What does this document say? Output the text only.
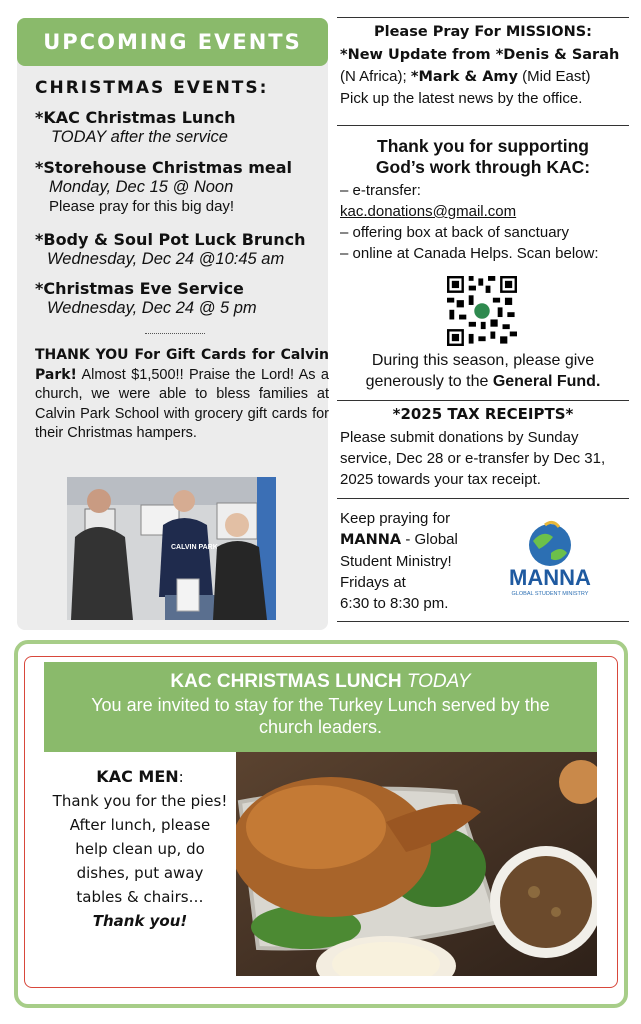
UPCOMING EVENTS
CHRISTMAS EVENTS:
*KAC Christmas Lunch
TODAY after the service
*Storehouse Christmas meal
Monday, Dec 15 @ Noon
Please pray for this big day!
*Body & Soul Pot Luck Brunch
Wednesday, Dec 24 @10:45 am
*Christmas Eve Service
Wednesday, Dec 24 @ 5 pm
THANK YOU For Gift Cards for Calvin Park! Almost $1,500!! Praise the Lord! As a church, we were able to bless families at Calvin Park School with grocery gift cards for their Christmas hampers.
CALVIN PARK
Please Pray For MISSIONS:
*New Update from *Denis & Sarah
(N Africa); *Mark & Amy (Mid East)
Pick up the latest news by the office.
Thank you for supporting
God’s work through KAC:
– e-transfer:
kac.donations@gmail.com
– offering box at back of sanctuary
– online at Canada Helps. Scan below:
During this season, please give generously to the General Fund.
*2025 TAX RECEIPTS*
Please submit donations by Sunday service, Dec 28 or e-transfer by Dec 31, 2025 towards your tax receipt.
Keep praying for
MANNA - Global Student Ministry!
Fridays at
6:30 to 8:30 pm.
MANNA
GLOBAL STUDENT MINISTRY
KAC CHRISTMAS LUNCH TODAY
You are invited to stay for the Turkey Lunch served by the church leaders.
KAC MEN:
Thank you for the pies! After lunch, please help clean up, do dishes, put away tables & chairs…
Thank you!
